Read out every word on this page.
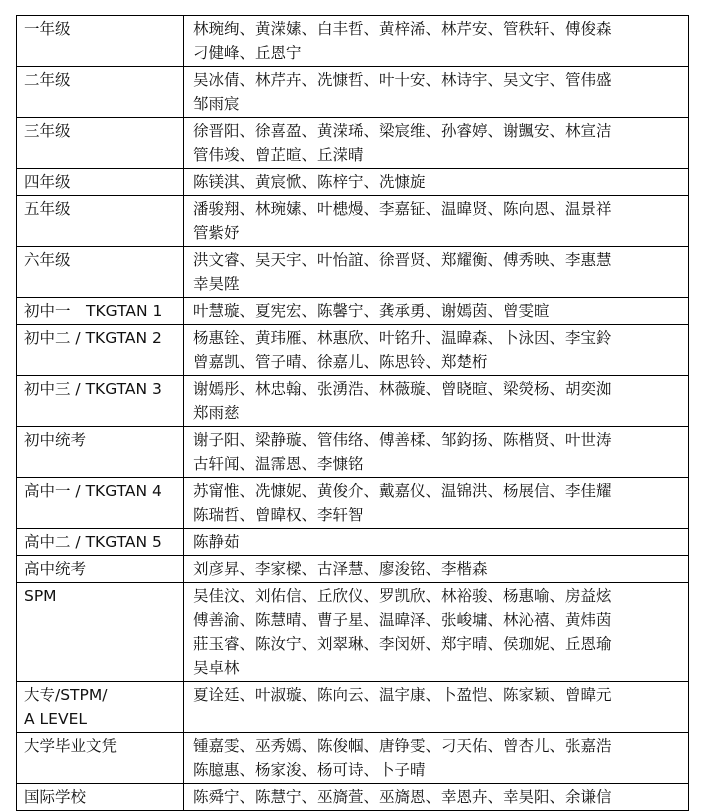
一年级	林琬绚、黄溁嫊、白丰哲、黄梓浠、林芹安、管秩轩、傅俊森
刁健峰、丘恩宁

二年级	吴冰倩、林芹卉、冼慷哲、叶十安、林诗宇、吴文宇、管伟盛
邹雨宸

三年级	徐晋阳、徐喜盈、黄溁琋、梁宸维、孙睿婷、谢颽安、林宣洁
管伟竣、曾芷暄、丘溁晴

四年级	陈镁淇、黄宸惞、陈梓宁、冼慷旋

五年级	潘骏翔、林琬嫊、叶槵熳、李嘉钲、温暐贤、陈向恩、温景祥
管紫妤

六年级	洪文睿、吴天宇、叶怡誼、徐晋贤、郑耀衡、傅秀映、李惠慧
幸昊陞

初中一　TKGTAN 1	叶慧璇、夏宪宏、陈馨宁、龚承勇、谢嫣茵、曾雯暄

初中二 / TKGTAN 2	杨惠铨、黄玮雁、林惠欣、叶铭升、温暐森、卜泳因、李宝鈴
曾嘉凯、管子晴、徐嘉儿、陈思铃、郑楚桁

初中三 / TKGTAN 3	谢嫣彤、林忠翰、张湧浩、林薇璇、曾晓暄、梁熒杨、胡奕洳
郑雨慈

初中统考	谢子阳、梁静璇、管伟络、傅善楺、邹鈞扬、陈楷贤、叶世涛
古轩闻、温霈恩、李慷铭

高中一 / TKGTAN 4	苏甯惟、冼慷妮、黄俊介、戴嘉仪、温锦洪、杨展信、李佳耀
陈瑞哲、曾暐权、李轩智

高中二 / TKGTAN 5	陈静茹

高中统考	刘彦昇、李家樑、古泽慧、廖浚铭、李楷森

SPM	吴佳汶、刘佑信、丘欣仪、罗凯欣、林裕骏、杨惠喻、房益炫
傅善渝、陈慧晴、曹子星、温暐泽、张峻墉、林沁禧、黄炜茵
莊玉睿、陈汝宁、刘翠琳、李闵妍、郑宇晴、侯珈妮、丘恩瑜
吴卓林

大专/STPM/
A LEVEL	夏诠廷、叶淑璇、陈向云、温宇康、卜盈恺、陈家颖、曾暐元

大学毕业文凭	锺嘉雯、巫秀嫣、陈俊帼、唐铮雯、刁天佑、曾杏儿、张嘉浩
陈臆惠、杨家浚、杨可诗、卜子晴

国际学校	陈舜宁、陈慧宁、巫旖萱、巫旖恩、幸恩卉、幸昊阳、余谦信
